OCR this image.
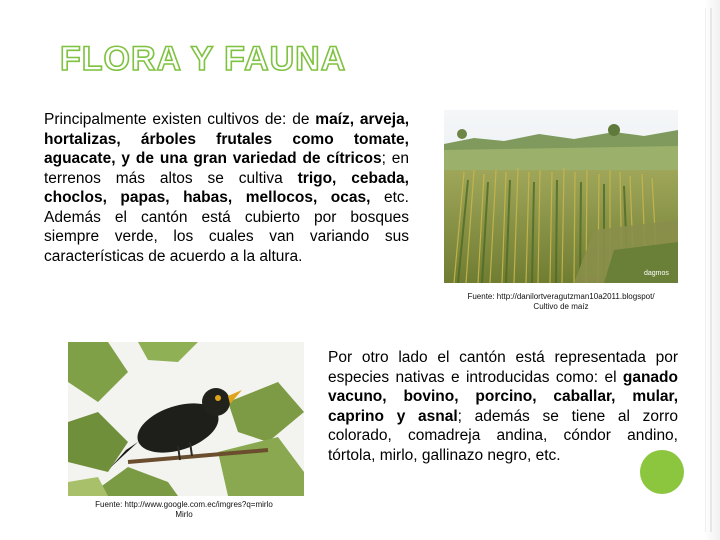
FLORA Y FAUNA
Principalmente existen cultivos de: de maíz, arveja, hortalizas, árboles frutales como tomate, aguacate, y de una gran variedad de cítricos; en terrenos más altos se cultiva trigo, cebada, choclos, papas, habas, mellocos, ocas, etc. Además el cantón está cubierto por bosques siempre verde, los cuales van variando sus características de acuerdo a la altura.
dagmos
Fuente: http://danilortveragutzman10a2011.blogspot/
Cultivo de maíz
Fuente: http://www.google.com.ec/imgres?q=mirlo
Mirlo
Por otro lado el cantón está representada por especies nativas e introducidas como: el ganado vacuno, bovino, porcino, caballar, mular, caprino y asnal; además se tiene al zorro colorado, comadreja andina, cóndor andino, tórtola, mirlo, gallinazo negro, etc.
